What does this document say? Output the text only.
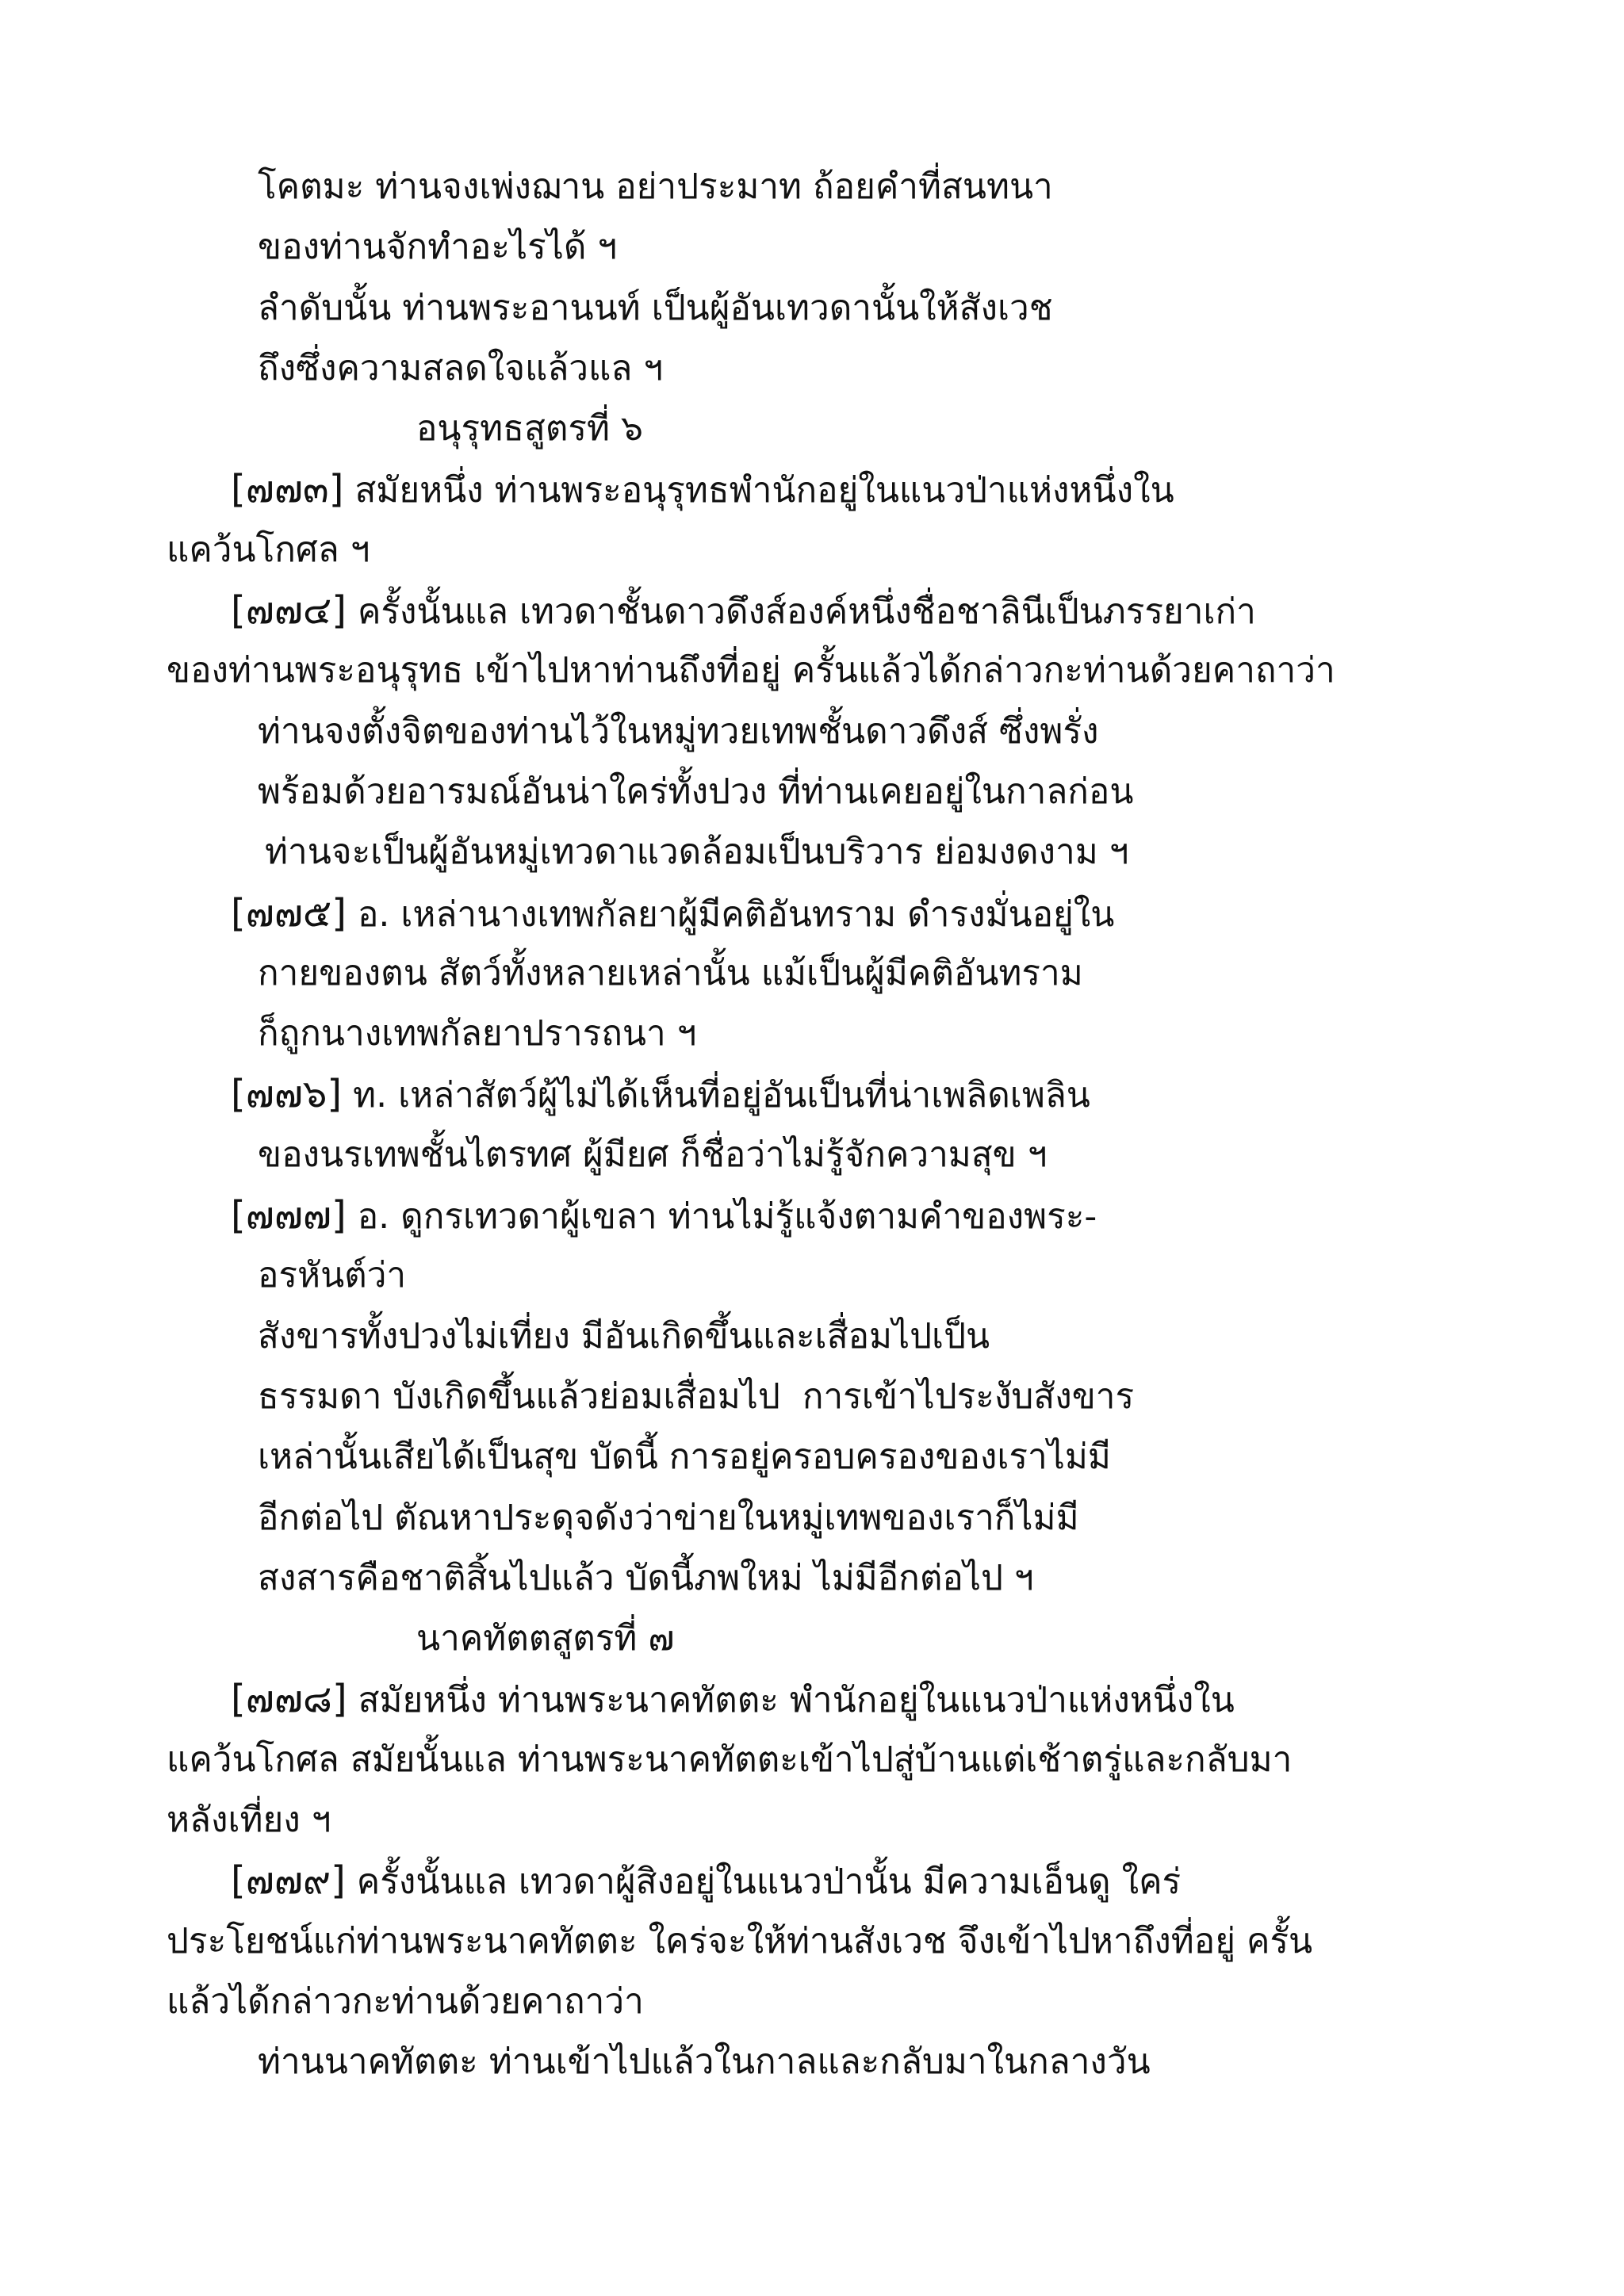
โคตมะ ท่านจงเพ่งฌาน อย่าประมาท ถ้อยคำที่สนทนา
ของท่านจักทำอะไรได้ ฯ
ลำดับนั้น ท่านพระอานนท์ เป็นผู้อันเทวดานั้นให้สังเวช
ถึงซึ่งความสลดใจแล้วแล ฯ
อนุรุทธสูตรที่ ๖
[๗๗๓] สมัยหนึ่ง ท่านพระอนุรุทธพำนักอยู่ในแนวป่าแห่งหนึ่งใน
แคว้นโกศล ฯ
[๗๗๔] ครั้งนั้นแล เทวดาชั้นดาวดึงส์องค์หนึ่งชื่อชาลินีเป็นภรรยาเก่า
ของท่านพระอนุรุทธ เข้าไปหาท่านถึงที่อยู่ ครั้นแล้วได้กล่าวกะท่านด้วยคาถาว่า
ท่านจงตั้งจิตของท่านไว้ในหมู่ทวยเทพชั้นดาวดึงส์ ซึ่งพรั่ง
พร้อมด้วยอารมณ์อันน่าใคร่ทั้งปวง ที่ท่านเคยอยู่ในกาลก่อน
ท่านจะเป็นผู้อันหมู่เทวดาแวดล้อมเป็นบริวาร ย่อมงดงาม ฯ
[๗๗๕] อ. เหล่านางเทพกัลยาผู้มีคติอันทราม ดำรงมั่นอยู่ใน
กายของตน สัตว์ทั้งหลายเหล่านั้น แม้เป็นผู้มีคติอันทราม
ก็ถูกนางเทพกัลยาปรารถนา ฯ
[๗๗๖] ท. เหล่าสัตว์ผู้ไม่ได้เห็นที่อยู่อันเป็นที่น่าเพลิดเพลิน
ของนรเทพชั้นไตรทศ ผู้มียศ ก็ชื่อว่าไม่รู้จักความสุข ฯ
[๗๗๗] อ. ดูกรเทวดาผู้เขลา ท่านไม่รู้แจ้งตามคำของพระ-
อรหันต์ว่า
สังขารทั้งปวงไม่เที่ยง มีอันเกิดขึ้นและเสื่อมไปเป็น
ธรรมดา บังเกิดขึ้นแล้วย่อมเสื่อมไป  การเข้าไประงับสังขาร
เหล่านั้นเสียได้เป็นสุข บัดนี้ การอยู่ครอบครองของเราไม่มี
อีกต่อไป ตัณหาประดุจดังว่าข่ายในหมู่เทพของเราก็ไม่มี
สงสารคือชาติสิ้นไปแล้ว บัดนี้ภพใหม่ ไม่มีอีกต่อไป ฯ
นาคทัตตสูตรที่ ๗
[๗๗๘] สมัยหนึ่ง ท่านพระนาคทัตตะ พำนักอยู่ในแนวป่าแห่งหนึ่งใน
แคว้นโกศล สมัยนั้นแล ท่านพระนาคทัตตะเข้าไปสู่บ้านแต่เช้าตรู่และกลับมา
หลังเที่ยง ฯ
[๗๗๙] ครั้งนั้นแล เทวดาผู้สิงอยู่ในแนวป่านั้น มีความเอ็นดู ใคร่
ประโยชน์แก่ท่านพระนาคทัตตะ ใคร่จะให้ท่านสังเวช จึงเข้าไปหาถึงที่อยู่ ครั้น
แล้วได้กล่าวกะท่านด้วยคาถาว่า
ท่านนาคทัตตะ ท่านเข้าไปแล้วในกาลและกลับมาในกลางวัน
